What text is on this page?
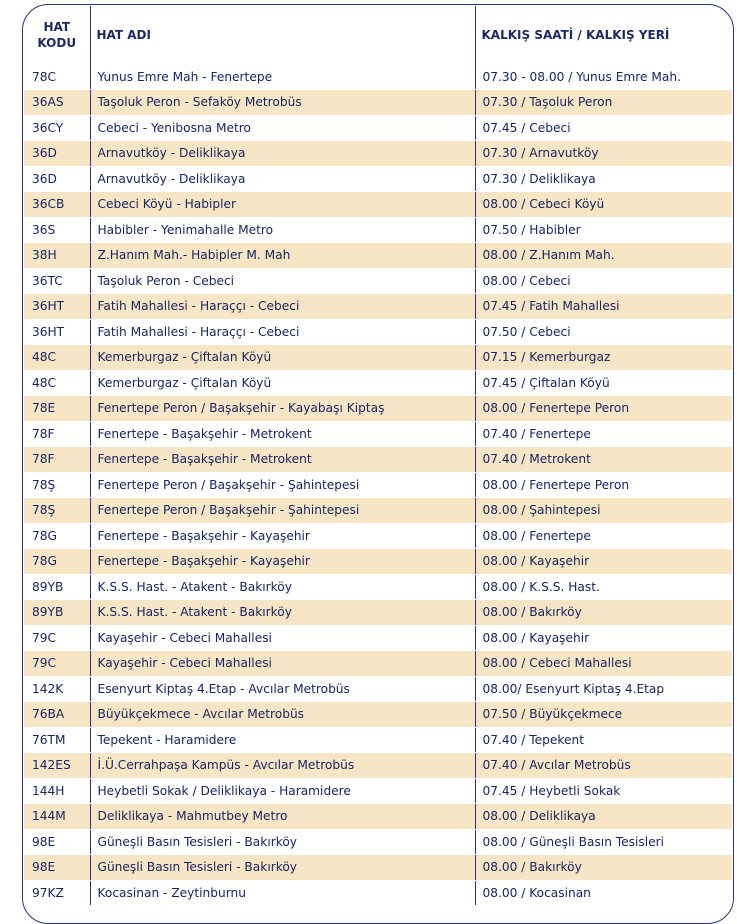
HAT
KODU	HAT ADI	KALKIŞ SAATİ / KALKIŞ YERİ
78C	Yunus Emre Mah - Fenertepe	07.30 - 08.00 / Yunus Emre Mah.
36AS	Taşoluk Peron - Sefaköy Metrobüs	07.30 / Taşoluk Peron
36CY	Cebeci - Yenibosna Metro	07.45 / Cebeci
36D	Arnavutköy - Deliklikaya	07.30 / Arnavutköy
36D	Arnavutköy - Deliklikaya	07.30 / Deliklikaya
36CB	Cebeci Köyü - Habipler	08.00 / Cebeci Köyü
36S	Habibler - Yenimahalle Metro	07.50 / Habibler
38H	Z.Hanım Mah.- Habipler M. Mah	08.00 / Z.Hanım Mah.
36TC	Taşoluk Peron - Cebeci	08.00 / Cebeci
36HT	Fatih Mahallesi - Haraççı - Cebeci	07.45 / Fatih Mahallesi
36HT	Fatih Mahallesi - Haraççı - Cebeci	07.50 / Cebeci
48C	Kemerburgaz - Çiftalan Köyü	07.15 / Kemerburgaz
48C	Kemerburgaz - Çiftalan Köyü	07.45 / Çiftalan Köyü
78E	Fenertepe Peron / Başakşehir - Kayabaşı Kiptaş	08.00 / Fenertepe Peron
78F	Fenertepe - Başakşehir - Metrokent	07.40 / Fenertepe
78F	Fenertepe - Başakşehir - Metrokent	07.40 / Metrokent
78Ş	Fenertepe Peron / Başakşehir - Şahintepesi	08.00 / Fenertepe Peron
78Ş	Fenertepe Peron / Başakşehir - Şahintepesi	08.00 / Şahintepesi
78G	Fenertepe - Başakşehir - Kayaşehir	08.00 / Fenertepe
78G	Fenertepe - Başakşehir - Kayaşehir	08.00 / Kayaşehir
89YB	K.S.S. Hast. - Atakent - Bakırköy	08.00 / K.S.S. Hast.
89YB	K.S.S. Hast. - Atakent - Bakırköy	08.00 / Bakırköy
79C	Kayaşehir - Cebeci Mahallesi	08.00 / Kayaşehir
79C	Kayaşehir - Cebeci Mahallesi	08.00 / Cebeci Mahallesi
142K	Esenyurt Kiptaş 4.Etap - Avcılar Metrobüs	08.00/ Esenyurt Kiptaş 4.Etap
76BA	Büyükçekmece - Avcılar Metrobüs	07.50 / Büyükçekmece
76TM	Tepekent - Haramidere	07.40 / Tepekent
142ES	İ.Ü.Cerrahpaşa Kampüs - Avcılar Metrobüs	07.40 / Avcılar Metrobüs
144H	Heybetli Sokak / Deliklikaya - Haramidere	07.45 / Heybetli Sokak
144M	Deliklikaya - Mahmutbey Metro	08.00 / Deliklikaya
98E	Güneşli Basın Tesisleri - Bakırköy	08.00 / Güneşli Basın Tesisleri
98E	Güneşli Basın Tesisleri - Bakırköy	08.00 / Bakırköy
97KZ	Kocasinan - Zeytinburnu	08.00 / Kocasinan
